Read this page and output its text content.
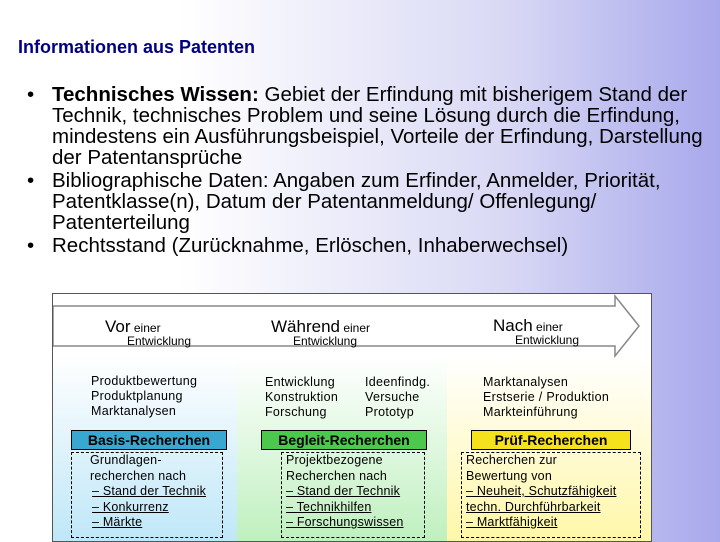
Informationen aus Patenten
• Technisches Wissen: Gebiet der Erfindung mit bisherigem Stand der Technik, technisches Problem und seine Lösung durch die Erfindung, mindestens ein Ausführungsbeispiel, Vorteile der Erfindung, Darstellung der Patentansprüche
• Bibliographische Daten: Angaben zum Erfinder, Anmelder, Priorität, Patentklasse(n), Datum der Patentanmeldung/ Offenlegung/ Patenterteilung
• Rechtsstand (Zurücknahme, Erlöschen, Inhaberwechsel)
Vor einer
Entwicklung
Während einer
Entwicklung
Nach einer
Entwicklung
Produktbewertung
Produktplanung
Marktanalysen
Entwicklung
Konstruktion
Forschung
Ideenfindg.
Versuche
Prototyp
Marktanalysen
Erstserie / Produktion
Markteinführung
Basis-Recherchen	Begleit-Recherchen	Prüf-Recherchen
Grundlagen-
recherchen nach
– Stand der Technik
– Konkurrenz
– Märkte
Projektbezogene
Recherchen nach
– Stand der Technik
– Technikhilfen
– Forschungswissen
Recherchen zur
Bewertung von
– Neuheit, Schutzfähigkeit
techn. Durchführbarkeit
– Marktfähigkeit
